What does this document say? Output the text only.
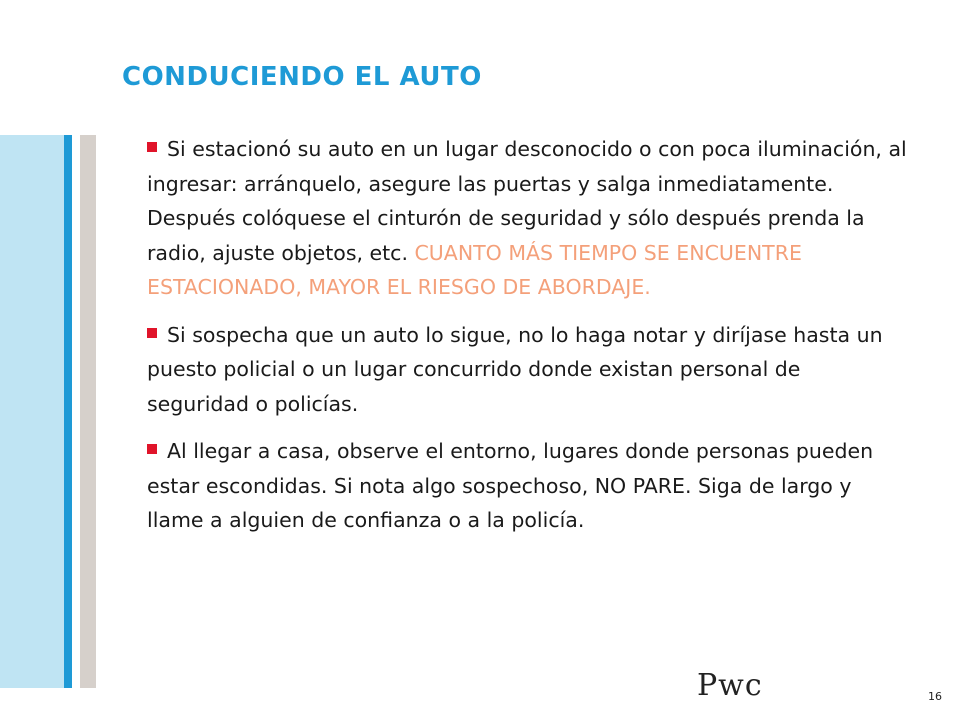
CONDUCIENDO EL AUTO

Si estacionó su auto en un lugar desconocido o con poca iluminación, al ingresar: arránquelo, asegure las puertas y salga inmediatamente. Después colóquese el cinturón de seguridad y sólo después prenda la radio, ajuste objetos, etc. CUANTO MÁS TIEMPO SE ENCUENTRE ESTACIONADO, MAYOR EL RIESGO DE ABORDAJE.

Si sospecha que un auto lo sigue, no lo haga notar y diríjase hasta un puesto policial o un lugar concurrido donde existan personal de seguridad o policías.

Al llegar a casa, observe el entorno, lugares donde personas pueden estar escondidas. Si nota algo sospechoso, NO PARE. Siga de largo y llame a alguien de confianza o a la policía.

Pwc	16
